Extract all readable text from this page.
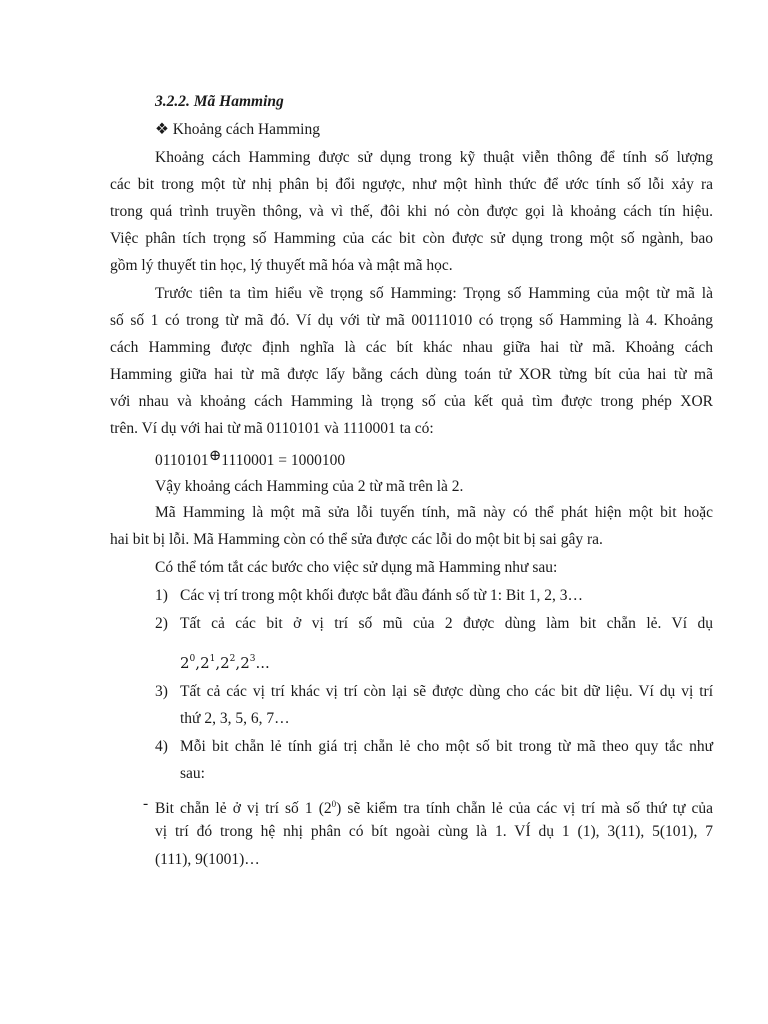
3.2.2. Mã Hamming
❖ Khoảng cách Hamming
Khoảng cách Hamming được sử dụng trong kỹ thuật viễn thông để tính số lượng
các bit trong một từ nhị phân bị đổi ngược, như một hình thức để ước tính số lỗi xảy ra
trong quá trình truyền thông, và vì thế, đôi khi nó còn được gọi là khoảng cách tín hiệu.
Việc phân tích trọng số Hamming của các bit còn được sử dụng trong một số ngành, bao
gồm lý thuyết tin học, lý thuyết mã hóa và mật mã học.
Trước tiên ta tìm hiểu về trọng số Hamming: Trọng số Hamming của một từ mã là
số số 1 có trong từ mã đó. Ví dụ với từ mã 00111010 có trọng số Hamming là 4. Khoảng
cách Hamming được định nghĩa là các bít khác nhau giữa hai từ mã. Khoảng cách
Hamming giữa hai từ mã được lấy bằng cách dùng toán tử XOR từng bít của hai từ mã
với nhau và khoảng cách Hamming là trọng số của kết quả tìm được trong phép XOR
trên. Ví dụ với hai từ mã 0110101 và 1110001 ta có:
0110101⊕1110001 = 1000100
Vậy khoảng cách Hamming của 2 từ mã trên là 2.
Mã Hamming là một mã sửa lỗi tuyến tính, mã này có thể phát hiện một bit hoặc
hai bit bị lỗi. Mã Hamming còn có thể sửa được các lỗi do một bit bị sai gây ra.
Có thể tóm tắt các bước cho việc sử dụng mã Hamming như sau:
1) Các vị trí trong một khối được bắt đầu đánh số từ 1: Bit 1, 2, 3…
2) Tất cả các bit ở vị trí số mũ của 2 được dùng làm bit chẵn lẻ. Ví dụ
$2^0,2^1,2^2,2^3$...
3) Tất cả các vị trí khác vị trí còn lại sẽ được dùng cho các bit dữ liệu. Ví dụ vị trí
thứ 2, 3, 5, 6, 7…
4) Mỗi bit chẵn lẻ tính giá trị chẵn lẻ cho một số bit trong từ mã theo quy tắc như
sau:
- Bit chẵn lẻ ở vị trí số 1 $(2^0)$ sẽ kiểm tra tính chẵn lẻ của các vị trí mà số thứ tự của
vị trí đó trong hệ nhị phân có bít ngoài cùng là 1. VÍ dụ 1 (1), 3(11), 5(101), 7
(111), 9(1001)…
